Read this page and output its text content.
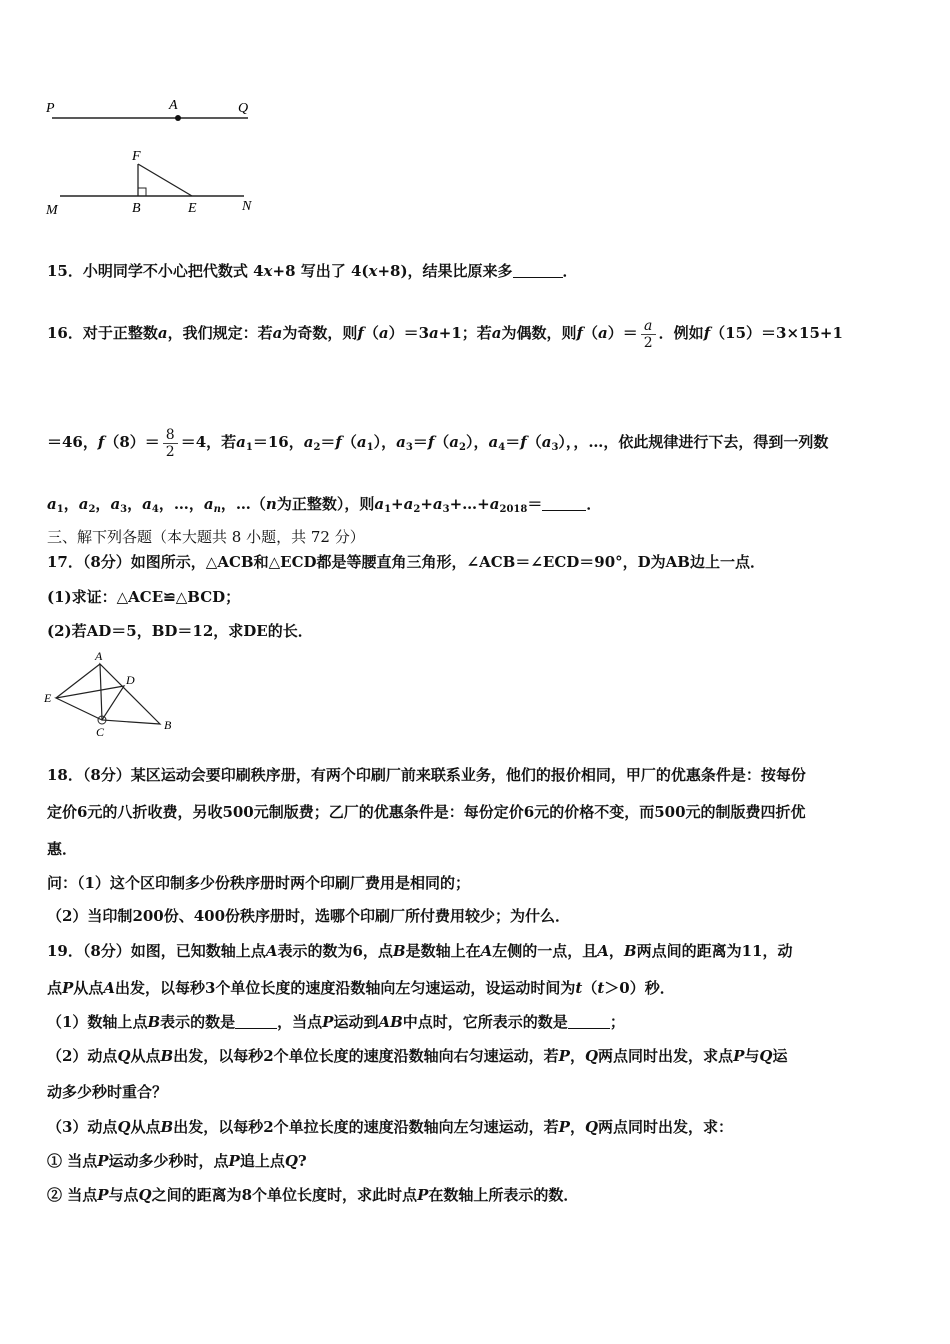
P	A	Q
F
M	B	E	N
15．小明同学不小心把代数式 4x+8 写出了 4(x+8)，结果比原来多	．
16．对于正整数a，我们规定：若a为奇数，则f（a）＝3a+1；若a为偶数，则$f(a)= \frac{a}{2}$ ．例如f（15）＝3×15+1
＝46，$f(8)= \frac{8}{2} =4$，若$a_1=16$，$a_2=f(a_1)$，$a_3=f(a_2)$，$a_4=f(a_3)$，，…，依此规律进行下去，得到一列数
$a_1$，$a_2$，$a_3$，$a_4$，…，$a_n$，…（n为正整数），则$a_1+a_2+a_3+\dots+a_{2018}=$	．
三、解下列各题（本大题共 8 小题，共 72 分）
17．（8分）如图所示，△ACB和△ECD都是等腰直角三角形，∠ACB＝∠ECD＝90°，D为AB边上一点．
(1)求证：△ACE≌△BCD；
(2)若AD＝5，BD＝12，求DE的长．
A
D
E
C	B
18．（8分）某区运动会要印刷秩序册，有两个印刷厂前来联系业务，他们的报价相同，甲厂的优惠条件是：按每份
定价6元的八折收费，另收500元制版费；乙厂的优惠条件是：每份定价6元的价格不变，而500元的制版费四折优
惠．
问：（1）这个区印制多少份秩序册时两个印刷厂费用是相同的；
（2）当印制200份、400份秩序册时，选哪个印刷厂所付费用较少；为什么．
19．（8分）如图，已知数轴上点A表示的数为6，点B是数轴上在A左侧的一点，且A，B两点间的距离为11，动
点P从点A出发，以每秒3个单位长度的速度沿数轴向左匀速运动，设运动时间为t（t＞0）秒．
（1）数轴上点B表示的数是	，当点P运动到AB中点时，它所表示的数是	；
（2）动点Q从点B出发，以每秒2个单位长度的速度沿数轴向右匀速运动，若P，Q两点同时出发，求点P与Q运
动多少秒时重合？
（3）动点Q从点B出发，以每秒2个单拉长度的速度沿数轴向左匀速运动，若P，Q两点同时出发，求：
① 当点P运动多少秒时，点P追上点Q?
② 当点P与点Q之间的距离为8个单位长度时，求此时点P在数轴上所表示的数．
